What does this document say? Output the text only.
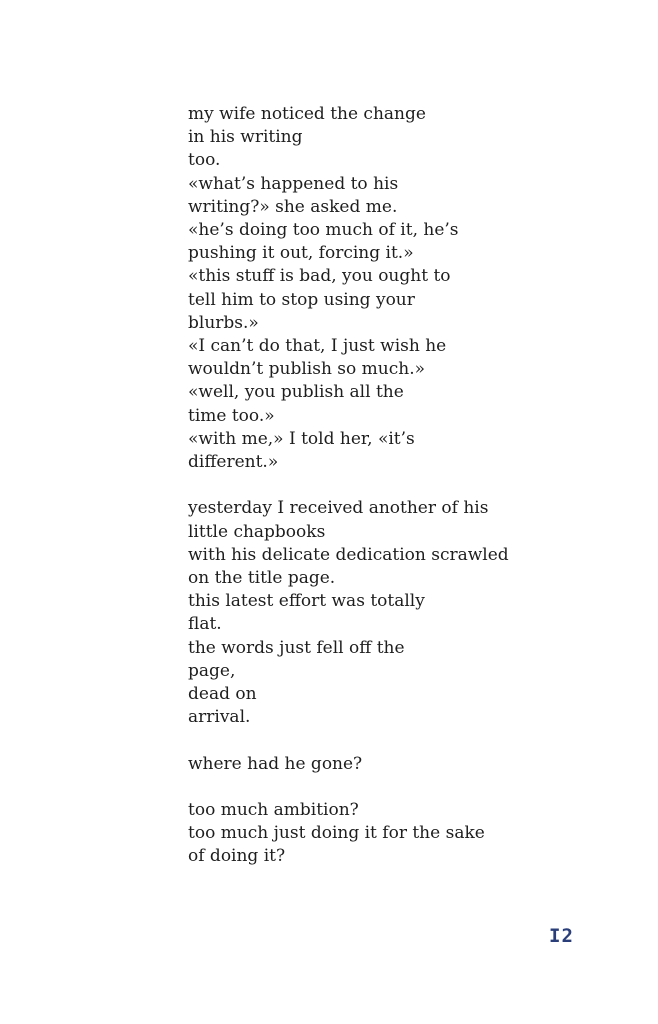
my wife noticed the change
in his writing
too.
«what’s happened to his
writing?» she asked me.
«he’s doing too much of it, he’s
pushing it out, forcing it.»
«this stuff is bad, you ought to
tell him to stop using your
blurbs.»
«I can’t do that, I just wish he
wouldn’t publish so much.»
«well, you publish all the
time too.»
«with me,» I told her, «it’s
different.»
yesterday I received another of his
little chapbooks
with his delicate dedication scrawled
on the title page.
this latest effort was totally
flat.
the words just fell off the
page,
dead on
arrival.
where had he gone?
too much ambition?
too much just doing it for the sake
of doing it?
I2
